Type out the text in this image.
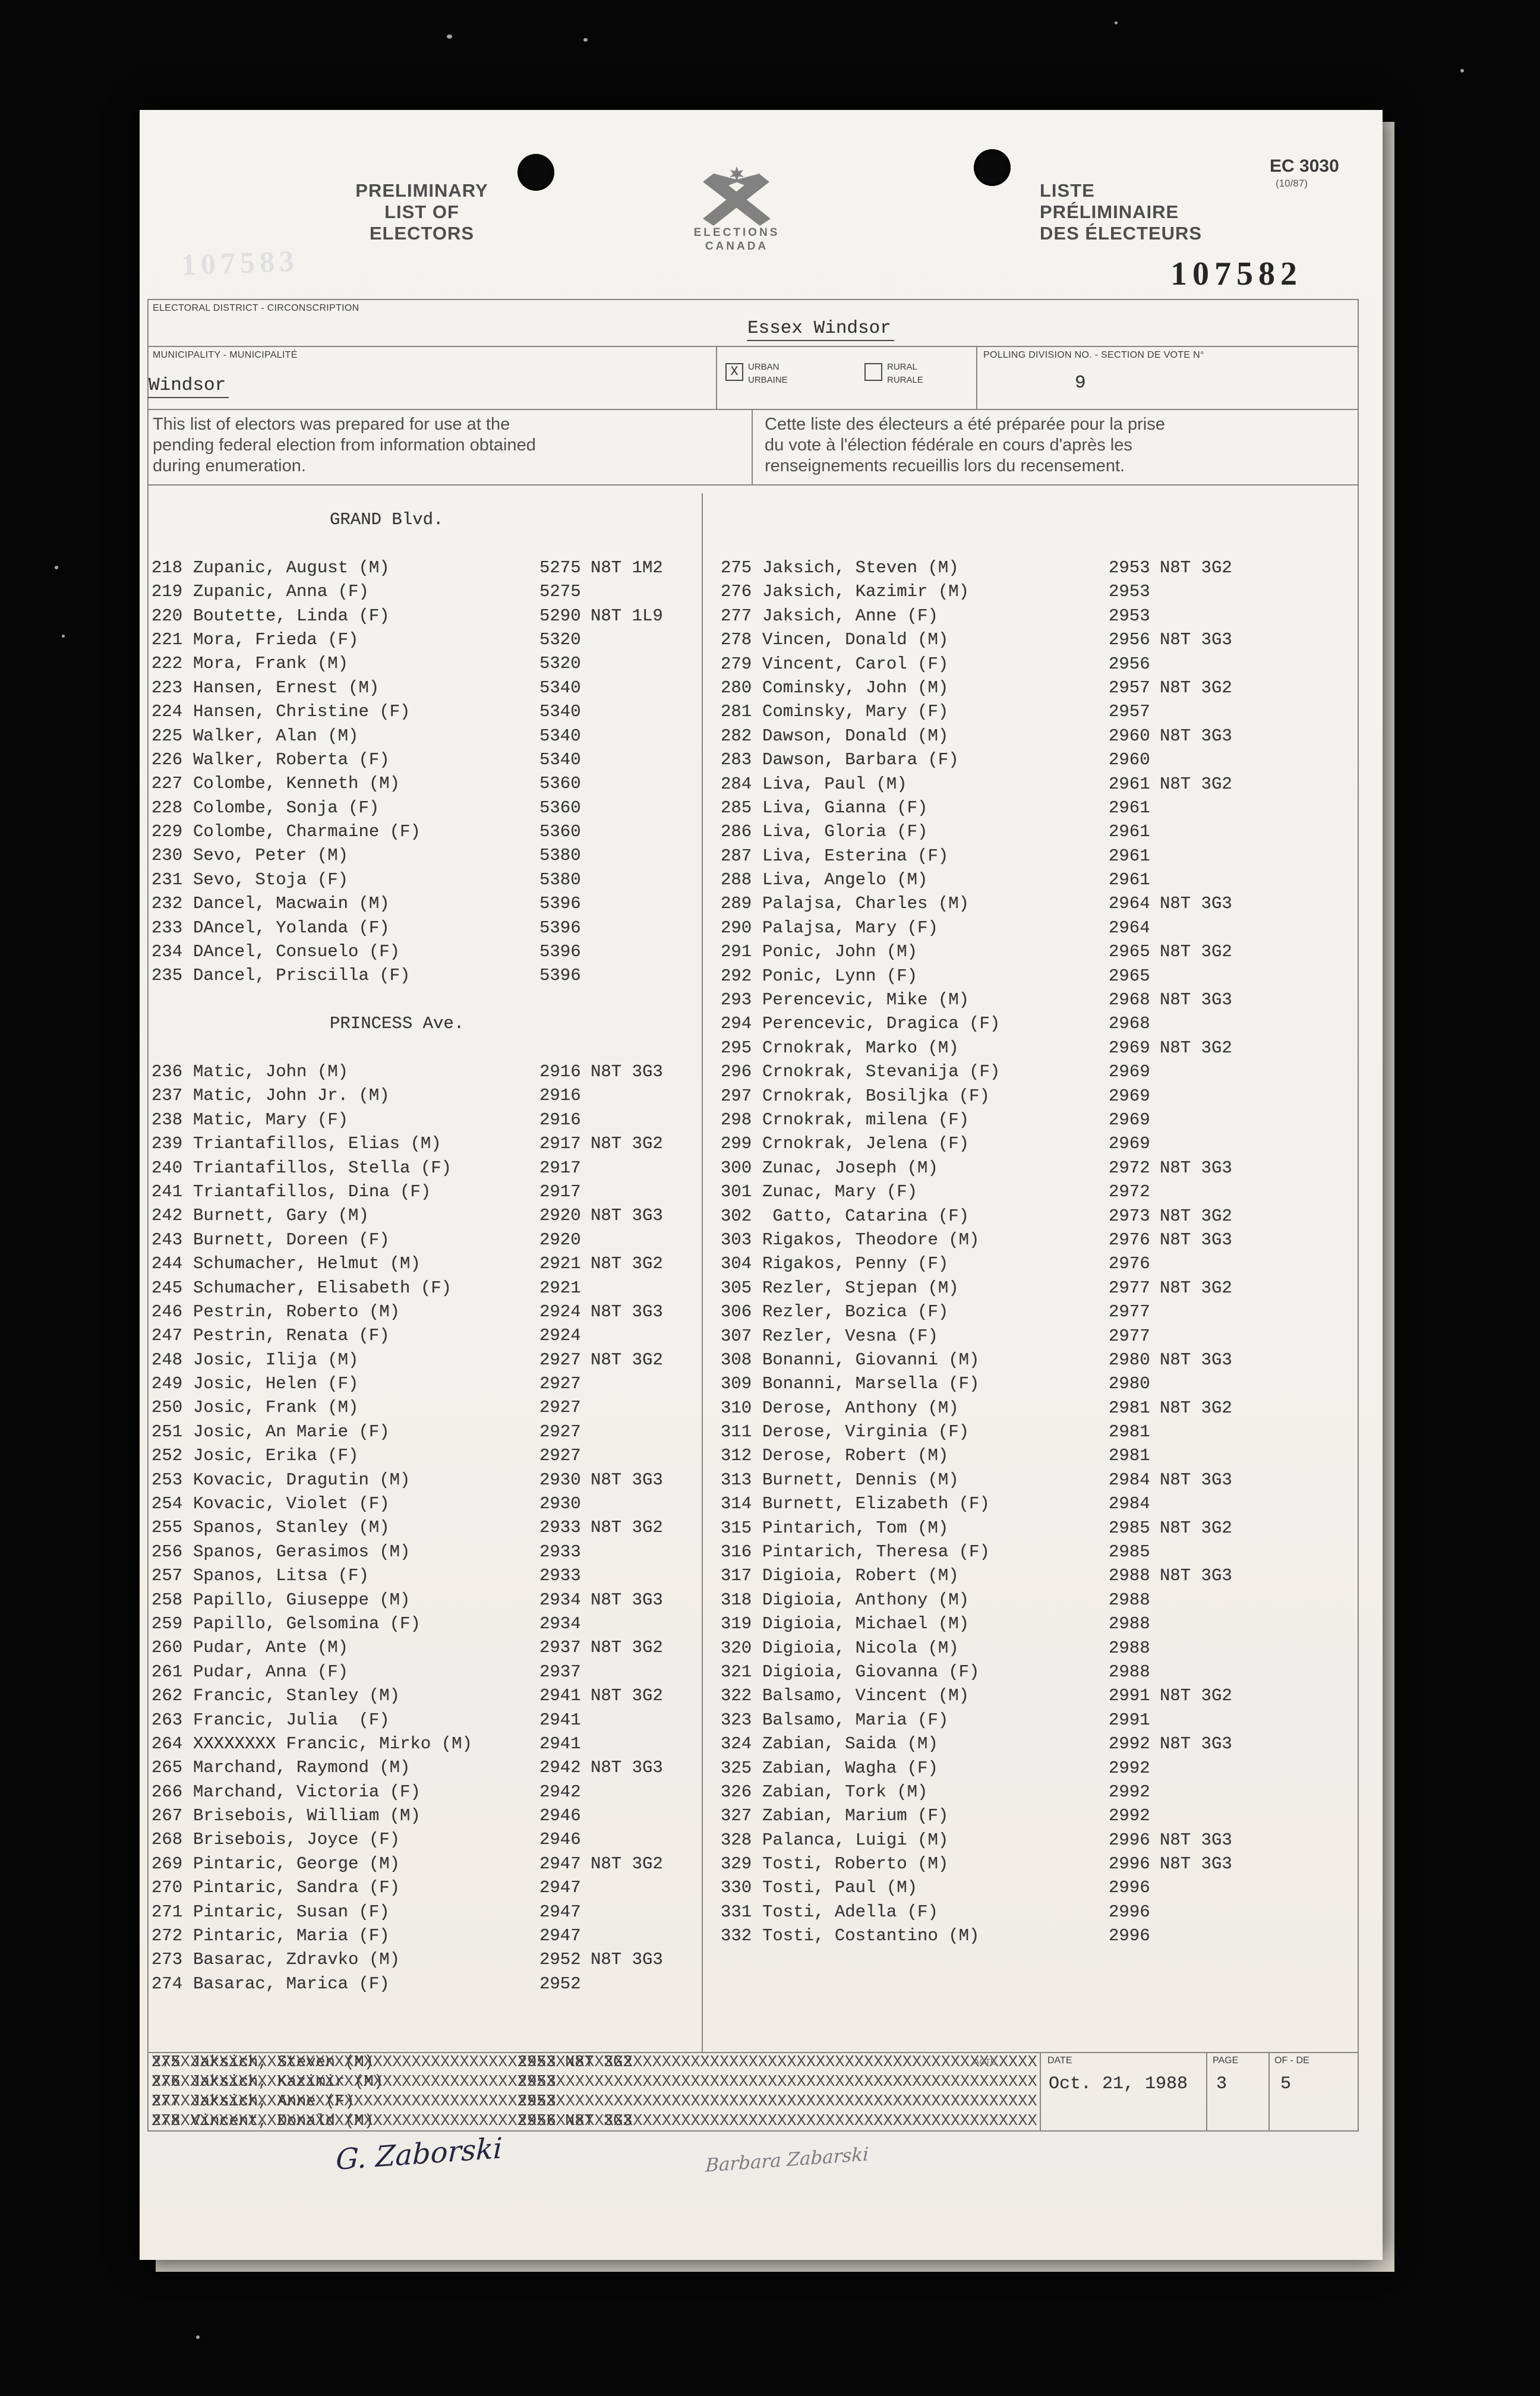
PRELIMINARY
LIST OF
ELECTORS	ELECTIONS
CANADA
LISTE
PRÉLIMINAIRE
DES ÉLECTEURS
EC 3030
(10/87)
107582
107583
ELECTORAL DISTRICT - CIRCONSCRIPTION
Essex Windsor
MUNICIPALITY - MUNICIPALITÉ
Windsor
X	URBAN
URBAINE
RURAL
RURALE
POLLING DIVISION NO. - SECTION DE VOTE N°
9
This list of electors was prepared for use at the
pending federal election from information obtained
during enumeration.
Cette liste des électeurs a été préparée pour la prise
du vote à l'élection fédérale en cours d'après les
renseignements recueillis lors du recensement.
GRAND Blvd.
218 Zupanic, August (M)	5275 N8T 1M2
219 Zupanic, Anna (F)	5275
220 Boutette, Linda (F)	5290 N8T 1L9
221 Mora, Frieda (F)	5320
222 Mora, Frank (M)	5320
223 Hansen, Ernest (M)	5340
224 Hansen, Christine (F)	5340
225 Walker, Alan (M)	5340
226 Walker, Roberta (F)	5340
227 Colombe, Kenneth (M)	5360
228 Colombe, Sonja (F)	5360
229 Colombe, Charmaine (F)	5360
230 Sevo, Peter (M)	5380
231 Sevo, Stoja (F)	5380
232 Dancel, Macwain (M)	5396
233 DAncel, Yolanda (F)	5396
234 DAncel, Consuelo (F)	5396
235 Dancel, Priscilla (F)	5396
PRINCESS Ave.
236 Matic, John (M)	2916 N8T 3G3
237 Matic, John Jr. (M)	2916
238 Matic, Mary (F)	2916
239 Triantafillos, Elias (M)	2917 N8T 3G2
240 Triantafillos, Stella (F)	2917
241 Triantafillos, Dina (F)	2917
242 Burnett, Gary (M)	2920 N8T 3G3
243 Burnett, Doreen (F)	2920
244 Schumacher, Helmut (M)	2921 N8T 3G2
245 Schumacher, Elisabeth (F)	2921
246 Pestrin, Roberto (M)	2924 N8T 3G3
247 Pestrin, Renata (F)	2924
248 Josic, Ilija (M)	2927 N8T 3G2
249 Josic, Helen (F)	2927
250 Josic, Frank (M)	2927
251 Josic, An Marie (F)	2927
252 Josic, Erika (F)	2927
253 Kovacic, Dragutin (M)	2930 N8T 3G3
254 Kovacic, Violet (F)	2930
255 Spanos, Stanley (M)	2933 N8T 3G2
256 Spanos, Gerasimos (M)	2933
257 Spanos, Litsa (F)	2933
258 Papillo, Giuseppe (M)	2934 N8T 3G3
259 Papillo, Gelsomina (F)	2934
260 Pudar, Ante (M)	2937 N8T 3G2
261 Pudar, Anna (F)	2937
262 Francic, Stanley (M)	2941 N8T 3G2
263 Francic, Julia  (F)	2941
264 XXXXXXXX Francic, Mirko (M)	2941
265 Marchand, Raymond (M)	2942 N8T 3G3
266 Marchand, Victoria (F)	2942
267 Brisebois, William (M)	2946
268 Brisebois, Joyce (F)	2946
269 Pintaric, George (M)	2947 N8T 3G2
270 Pintaric, Sandra (F)	2947
271 Pintaric, Susan (F)	2947
272 Pintaric, Maria (F)	2947
273 Basarac, Zdravko (M)	2952 N8T 3G3
274 Basarac, Marica (F)	2952
275 Jaksich, Steven (M)	2953 N8T 3G2
276 Jaksich, Kazimir (M)	2953
277 Jaksich, Anne (F)	2953
278 Vincen, Donald (M)	2956 N8T 3G3
279 Vincent, Carol (F)	2956
280 Cominsky, John (M)	2957 N8T 3G2
281 Cominsky, Mary (F)	2957
282 Dawson, Donald (M)	2960 N8T 3G3
283 Dawson, Barbara (F)	2960
284 Liva, Paul (M)	2961 N8T 3G2
285 Liva, Gianna (F)	2961
286 Liva, Gloria (F)	2961
287 Liva, Esterina (F)	2961
288 Liva, Angelo (M)	2961
289 Palajsa, Charles (M)	2964 N8T 3G3
290 Palajsa, Mary (F)	2964
291 Ponic, John (M)	2965 N8T 3G2
292 Ponic, Lynn (F)	2965
293 Perencevic, Mike (M)	2968 N8T 3G3
294 Perencevic, Dragica (F)	2968
295 Crnokrak, Marko (M)	2969 N8T 3G2
296 Crnokrak, Stevanija (F)	2969
297 Crnokrak, Bosiljka (F)	2969
298 Crnokrak, milena (F)	2969
299 Crnokrak, Jelena (F)	2969
300 Zunac, Joseph (M)	2972 N8T 3G3
301 Zunac, Mary (F)	2972
302 Gatto, Catarina (F)	2973 N8T 3G2
303 Rigakos, Theodore (M)	2976 N8T 3G3
304 Rigakos, Penny (F)	2976
305 Rezler, Stjepan (M)	2977 N8T 3G2
306 Rezler, Bozica (F)	2977
307 Rezler, Vesna (F)	2977
308 Bonanni, Giovanni (M)	2980 N8T 3G3
309 Bonanni, Marsella (F)	2980
310 Derose, Anthony (M)	2981 N8T 3G2
311 Derose, Virginia (F)	2981
312 Derose, Robert (M)	2981
313 Burnett, Dennis (M)	2984 N8T 3G3
314 Burnett, Elizabeth (F)	2984
315 Pintarich, Tom (M)	2985 N8T 3G2
316 Pintarich, Theresa (F)	2985
317 Digioia, Robert (M)	2988 N8T 3G3
318 Digioia, Anthony (M)	2988
319 Digioia, Michael (M)	2988
320 Digioia, Nicola (M)	2988
321 Digioia, Giovanna (F)	2988
322 Balsamo, Vincent (M)	2991 N8T 3G2
323 Balsamo, Maria (F)	2991
324 Zabian, Saida (M)	2992 N8T 3G3
325 Zabian, Wagha (F)	2992
326 Zabian, Tork (M)	2992
327 Zabian, Marium (F)	2992
328 Palanca, Luigi (M)	2996 N8T 3G3
329 Tosti, Roberto (M)	2996 N8T 3G3
330 Tosti, Paul (M)	2996
331 Tosti, Adella (F)	2996
332 Tosti, Costantino (M)	2996
275 Jaksich, Steven (M)	2953 N8T 3G2
XXXXXXXXXXXXXXXXXXXXXXXXXXXXXXXXXXXXXXXXXXXXXXXXXXXXXXXXXXXXXXXXXXXXXXXXXXXXXXXXXXXXXXXXXXXX
276 Jaksich, Kazimir (M)	2953
XXXXXXXXXXXXXXXXXXXXXXXXXXXXXXXXXXXXXXXXXXXXXXXXXXXXXXXXXXXXXXXXXXXXXXXXXXXXXXXXXXXXXXXXXXXX
277 Jaksich, Anne (F)	2953
XXXXXXXXXXXXXXXXXXXXXXXXXXXXXXXXXXXXXXXXXXXXXXXXXXXXXXXXXXXXXXXXXXXXXXXXXXXXXXXXXXXXXXXXXXXX
278 Vincent, Donald (M)	2956 N8T 3G3
XXXXXXXXXXXXXXXXXXXXXXXXXXXXXXXXXXXXXXXXXXXXXXXXXXXXXXXXXXXXXXXXXXXXXXXXXXXXXXXXXXXXXXXXXXXX
ACTE	DATE
Oct. 21, 1988
PAGE
3
OF - DE
5
G. Zaborski	Barbara Zabarski
